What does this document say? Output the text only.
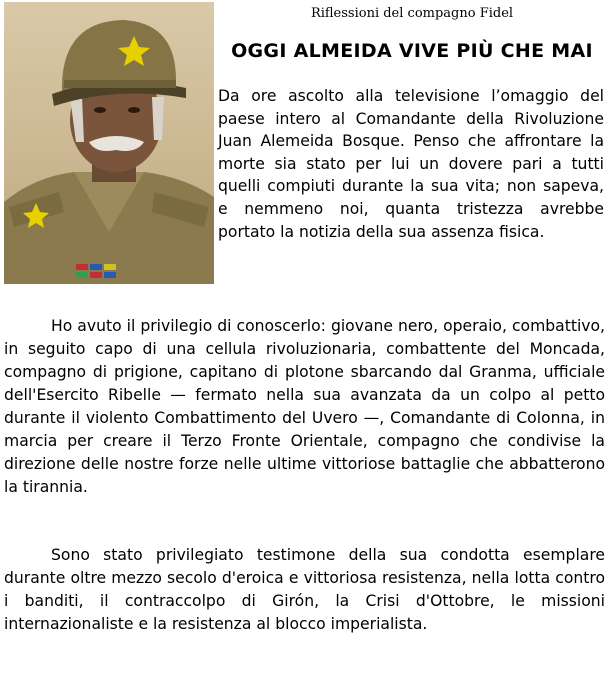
Riflessioni del compagno Fidel
OGGI ALMEIDA VIVE PIÙ CHE MAI

Da ore ascolto alla televisione l’omaggio del paese intero al Comandante della Rivoluzione Juan Alemeida Bosque. Penso che affrontare la morte sia stato per lui un dovere pari a tutti quelli compiuti durante la sua vita; non sapeva, e nemmeno noi, quanta tristezza avrebbe portato la notizia della sua assenza fisica.

Ho avuto il privilegio di conoscerlo: giovane nero, operaio, combattivo, in seguito capo di una cellula rivoluzionaria, combattente del Moncada, compagno di prigione, capitano di plotone sbarcando dal Granma, ufficiale dell'Esercito Ribelle — fermato nella sua avanzata da un colpo al petto durante il violento Combattimento del Uvero —, Comandante di Colonna, in marcia per creare il Terzo Fronte Orientale, compagno che condivise la direzione delle nostre forze nelle ultime vittoriose battaglie che abbatterono la tirannia.

Sono stato privilegiato testimone della sua condotta esemplare durante oltre mezzo secolo d'eroica e vittoriosa resistenza, nella lotta contro i banditi, il contraccolpo di Girón, la Crisi d'Ottobre, le missioni internazionaliste e la resistenza al blocco imperialista.
